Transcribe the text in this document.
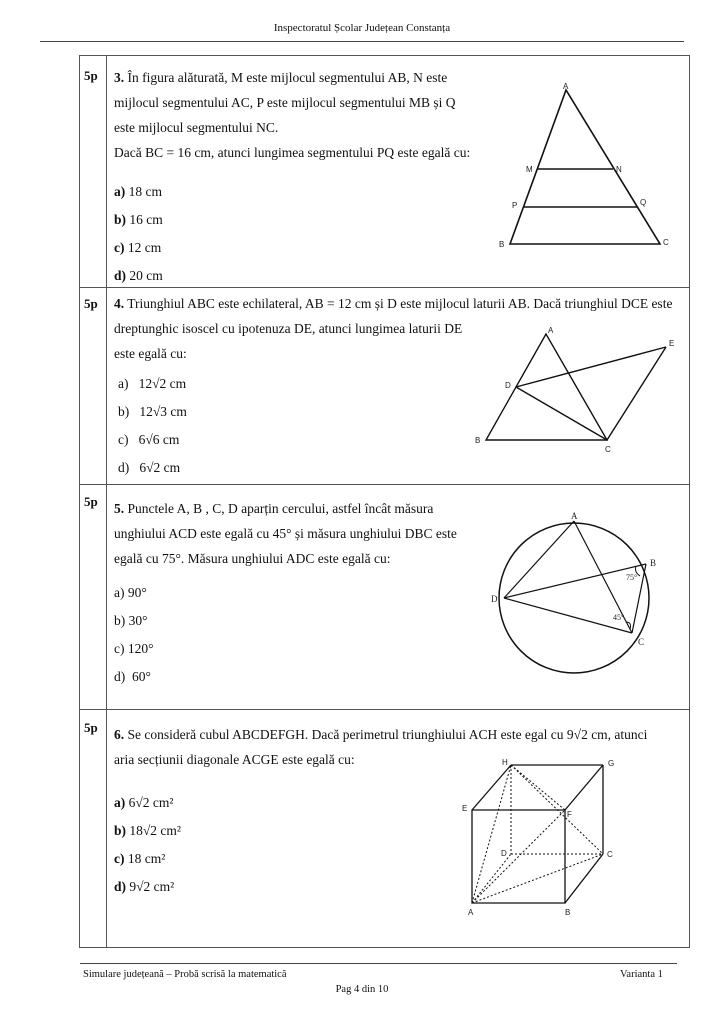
Inspectoratul Școlar Județean Constanța
5p 3. În figura alăturată, M este mijlocul segmentului AB, N este
mijlocul segmentului AC, P este mijlocul segmentului MB și Q
este mijlocul segmentului NC.
Dacă BC = 16 cm, atunci lungimea segmentului PQ este egală cu:
a) 18 cm
b) 16 cm
c) 12 cm
d) 20 cm
A
M	N
P	Q
B	C
5p 4. Triunghiul ABC este echilateral, AB = 12 cm și D este mijlocul laturii AB. Dacă triunghiul DCE este
dreptunghic isoscel cu ipotenuza DE, atunci lungimea laturii DE
este egală cu:
a) 12√2 cm
b) 12√3 cm
c) 6√6 cm
d) 6√2 cm
A
E
D
B
C
5p 5. Punctele A, B , C, D aparțin cercului, astfel încât măsura
unghiului ACD este egală cu 45° și măsura unghiului DBC este
egală cu 75°. Măsura unghiului ADC este egală cu:
a) 90°
b) 30°
c) 120°
d) 60°
A
B
D
C
75°
45°
5p 6. Se consideră cubul ABCDEFGH. Dacă perimetrul triunghiului ACH este egal cu 9√2 cm, atunci
aria secțiunii diagonale ACGE este egală cu:
a) 6√2 cm²
b) 18√2 cm²
c) 18 cm²
d) 9√2 cm²
H	G
E
F
D	C
A	B
Simulare județeană – Probă scrisă la matematică	Varianta 1
Pag 4 din 10
